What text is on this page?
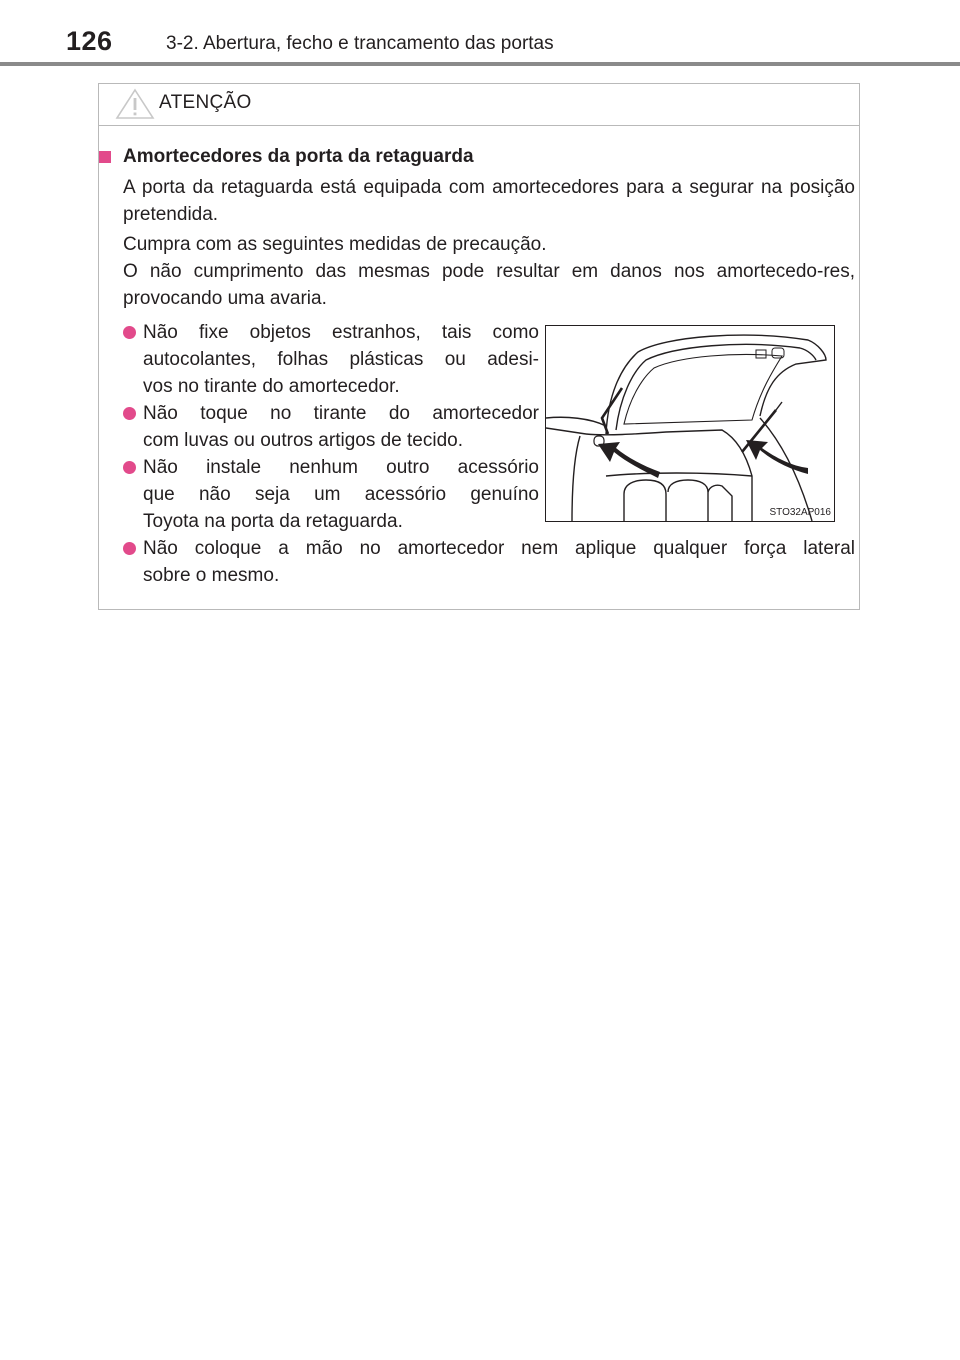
126	3-2. Abertura, fecho e trancamento das portas
ATENÇÃO
Amortecedores da porta da retaguarda
A porta da retaguarda está equipada com amortecedores para a segurar na posição pretendida.
Cumpra com as seguintes medidas de precaução.
O não cumprimento das mesmas pode resultar em danos nos amortecedo-res, provocando uma avaria.
Não fixe objetos estranhos, tais como
autocolantes, folhas plásticas ou adesi-
vos no tirante do amortecedor.
Não toque no tirante do amortecedor
com luvas ou outros artigos de tecido.
Não instale nenhum outro acessório
que não seja um acessório genuíno
Toyota na porta da retaguarda.
Não coloque a mão no amortecedor nem aplique qualquer força lateral
sobre o mesmo.
STO32AP016
